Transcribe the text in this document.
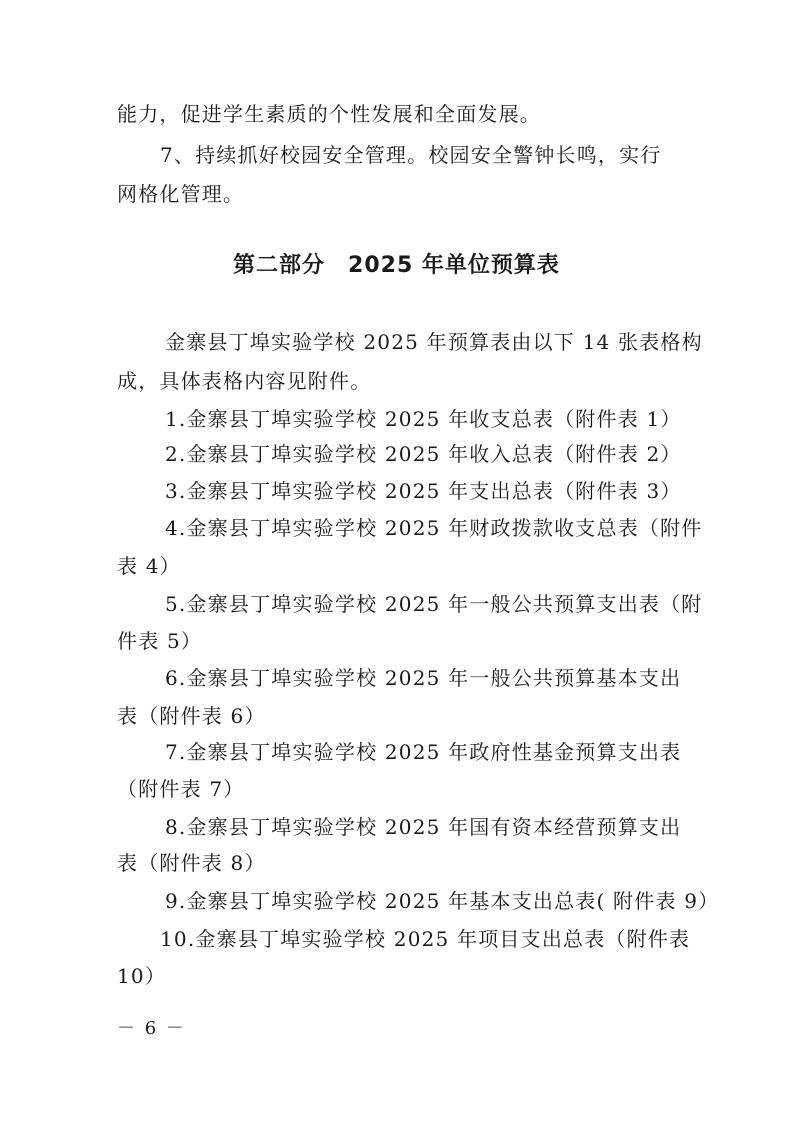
能力，促进学生素质的个性发展和全面发展。
7、持续抓好校园安全管理。校园安全警钟长鸣，实行
网格化管理。
第二部分　2025 年单位预算表
金寨县丁埠实验学校 2025 年预算表由以下 14 张表格构
成，具体表格内容见附件。
1.金寨县丁埠实验学校 2025 年收支总表（附件表 1）
2.金寨县丁埠实验学校 2025 年收入总表（附件表 2）
3.金寨县丁埠实验学校 2025 年支出总表（附件表 3）
4.金寨县丁埠实验学校 2025 年财政拨款收支总表（附件
表 4）
5.金寨县丁埠实验学校 2025 年一般公共预算支出表（附
件表 5）
6.金寨县丁埠实验学校 2025 年一般公共预算基本支出
表（附件表 6）
7.金寨县丁埠实验学校 2025 年政府性基金预算支出表
（附件表 7）
8.金寨县丁埠实验学校 2025 年国有资本经营预算支出
表（附件表 8）
9.金寨县丁埠实验学校 2025 年基本支出总表( 附件表 9）
10.金寨县丁埠实验学校 2025 年项目支出总表（附件表
10）
－ 6 －
